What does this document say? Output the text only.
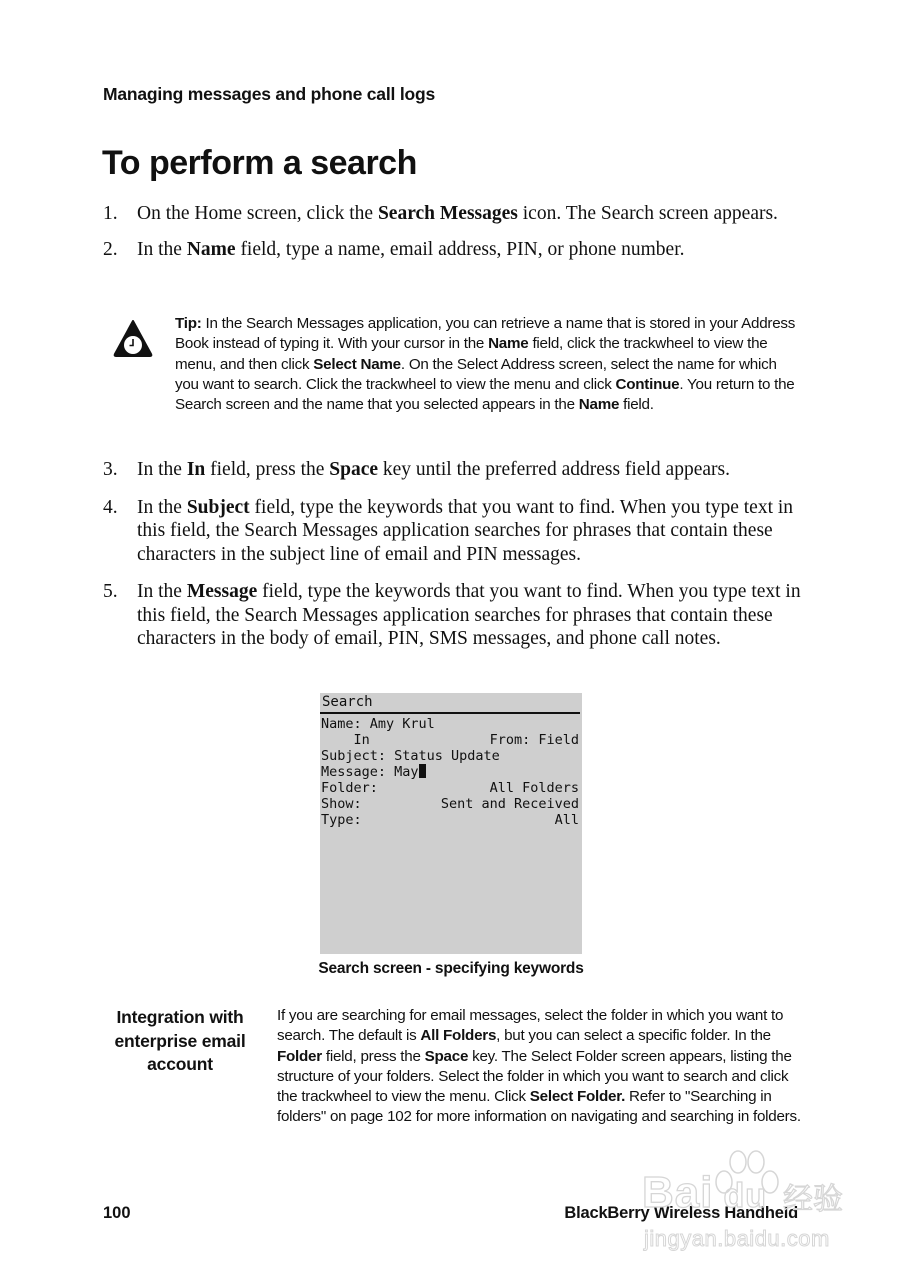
Managing messages and phone call logs
To perform a search
1. On the Home screen, click the Search Messages icon. The Search screen appears.
2. In the Name field, type a name, email address, PIN, or phone number.
Tip: In the Search Messages application, you can retrieve a name that is stored in your Address Book instead of typing it. With your cursor in the Name field, click the trackwheel to view the menu, and then click Select Name. On the Select Address screen, select the name for which you want to search. Click the trackwheel to view the menu and click Continue. You return to the Search screen and the name that you selected appears in the Name field.
3. In the In field, press the Space key until the preferred address field appears.
4. In the Subject field, type the keywords that you want to find. When you type text in this field, the Search Messages application searches for phrases that contain these characters in the subject line of email and PIN messages.
5. In the Message field, type the keywords that you want to find. When you type text in this field, the Search Messages application searches for phrases that contain these characters in the body of email, PIN, SMS messages, and phone call notes.
Search
Name: Amy Krul
In	From: Field
Subject: Status Update
Message: May
Folder:	All Folders
Show:	Sent and Received
Type:	All
Search screen - specifying keywords
Integration with enterprise email account
If you are searching for email messages, select the folder in which you want to search. The default is All Folders, but you can select a specific folder. In the Folder field, press the Space key. The Select Folder screen appears, listing the structure of your folders. Select the folder in which you want to search and click the trackwheel to view the menu. Click Select Folder. Refer to "Searching in folders" on page 102 for more information on navigating and searching in folders.
100	BlackBerry Wireless Handheld
Bai du 经验
jingyan.baidu.com
